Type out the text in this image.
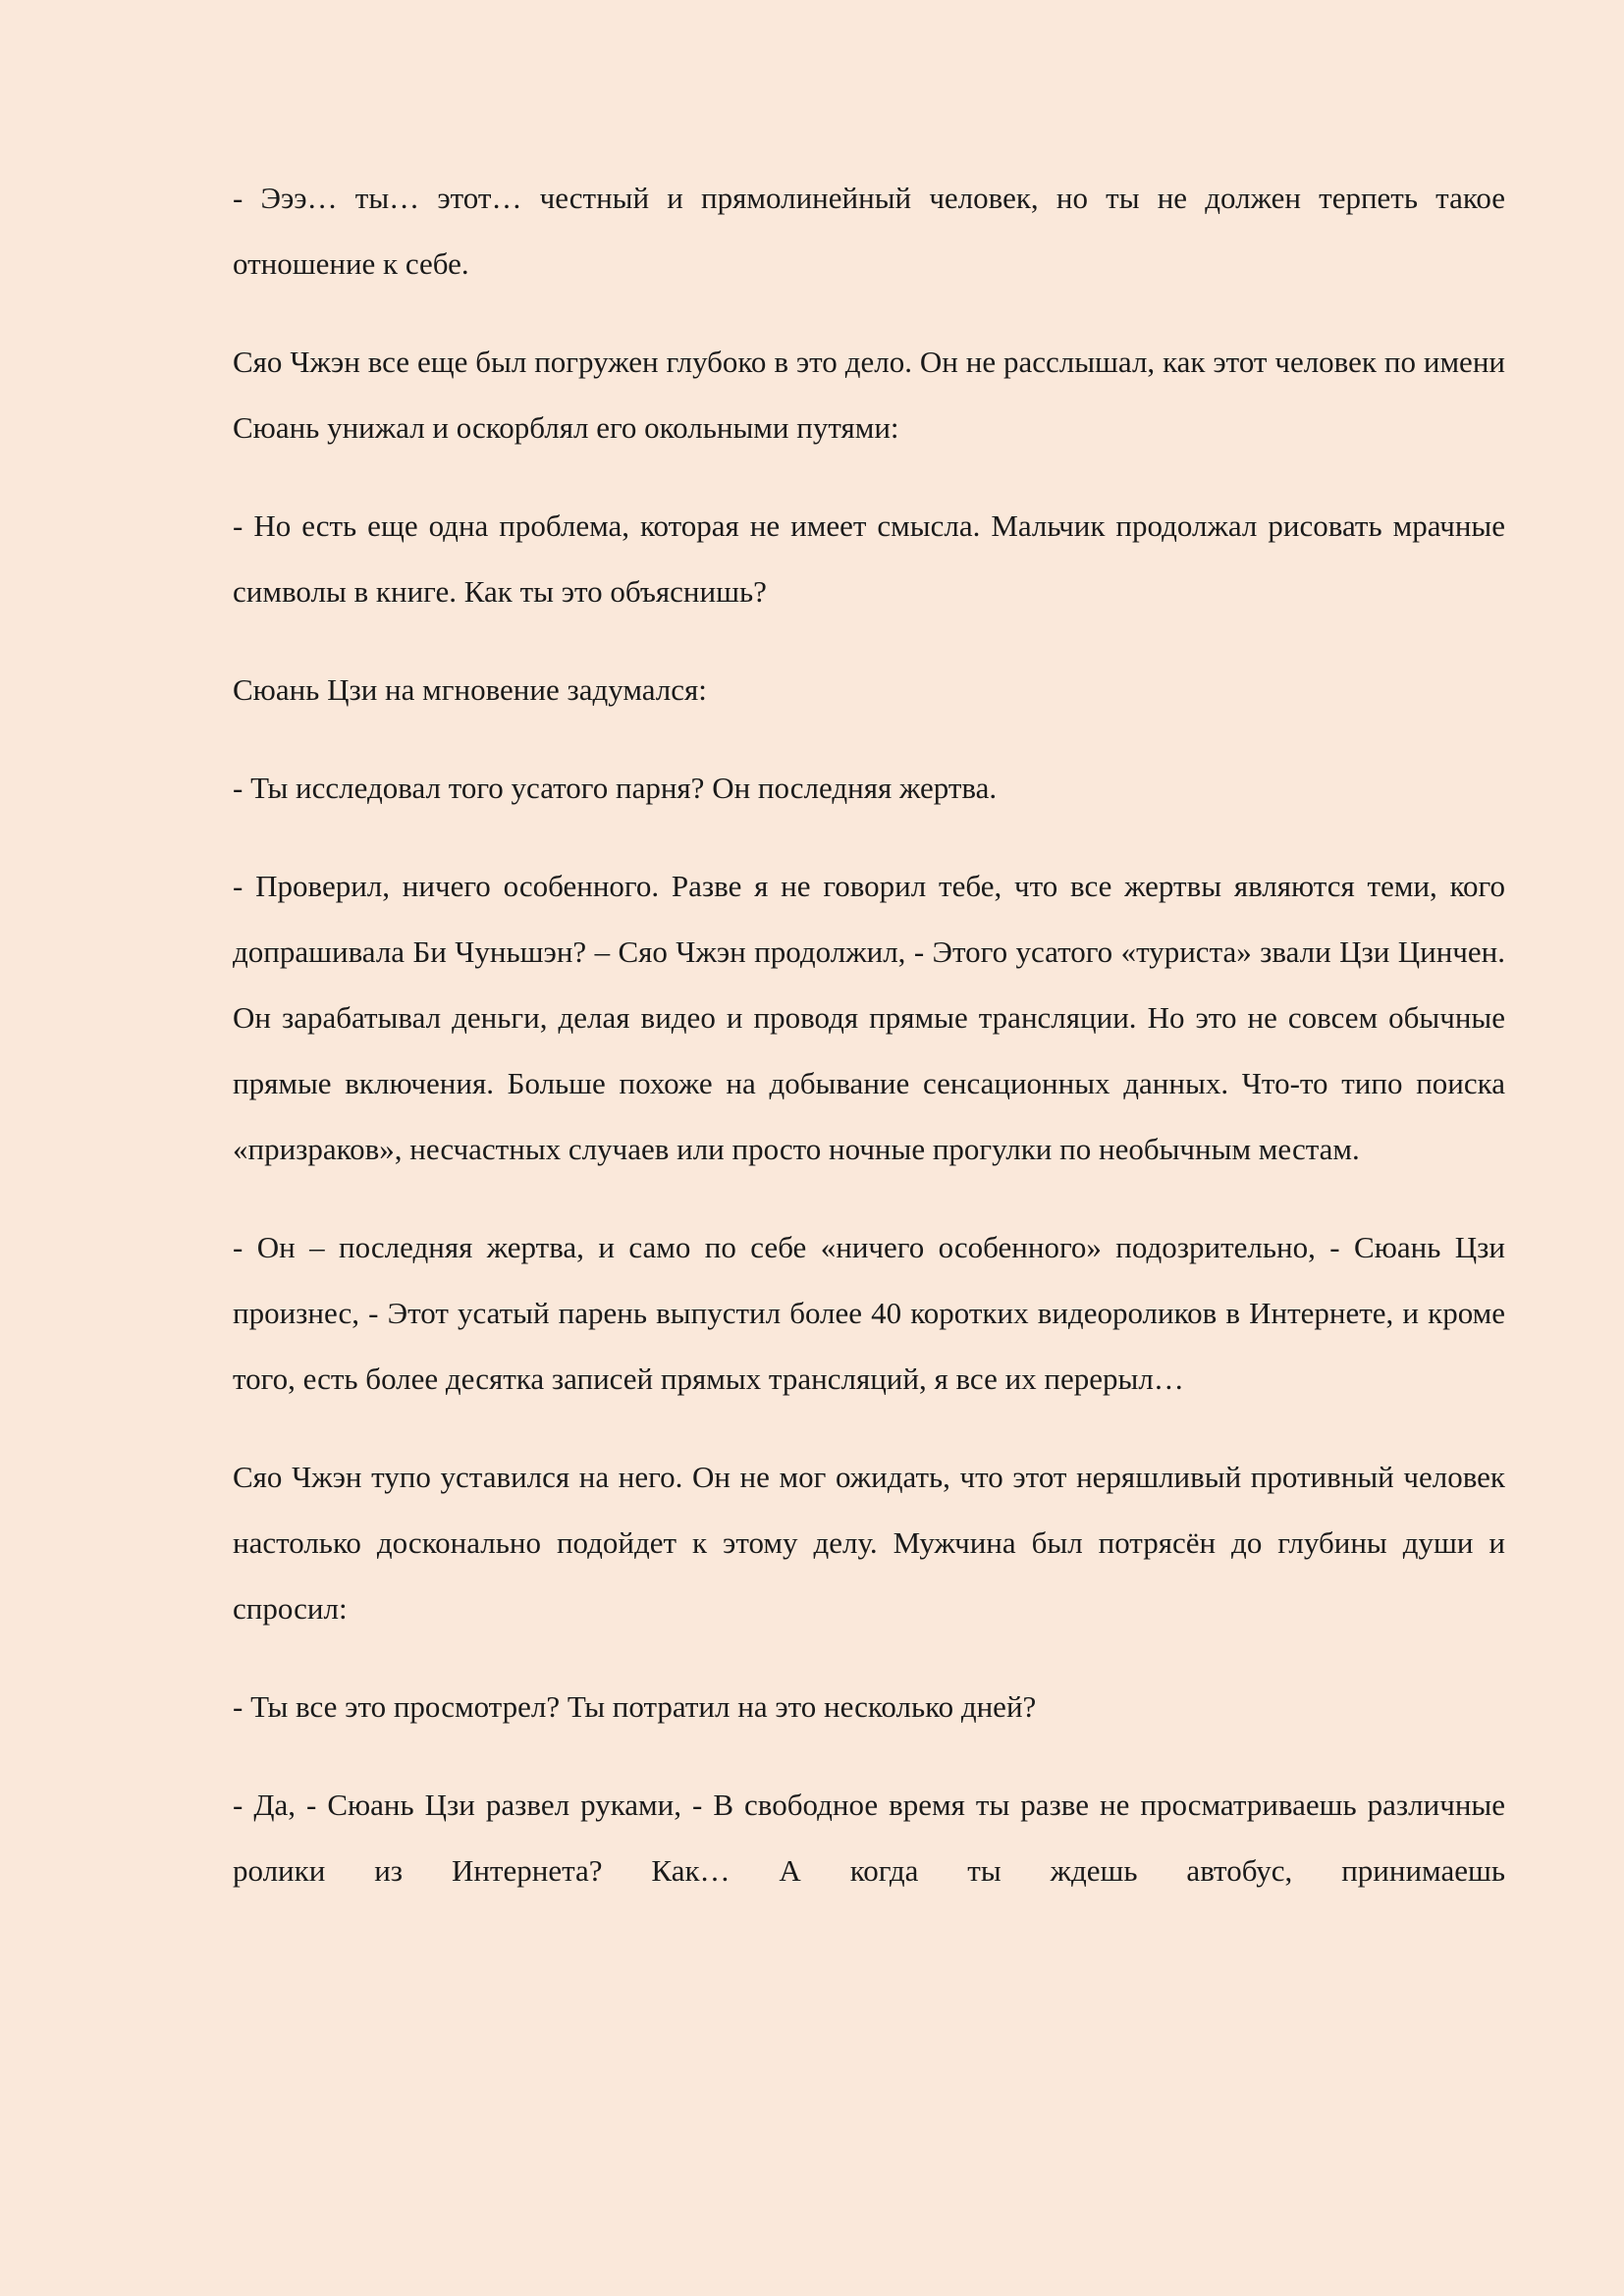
- Эээ… ты… этот… честный и прямолинейный человек, но ты не должен терпеть такое отношение к себе.

Сяо Чжэн все еще был погружен глубоко в это дело. Он не расслышал, как этот человек по имени Сюань унижал и оскорблял его окольными путями:

- Но есть еще одна проблема, которая не имеет смысла. Мальчик продолжал рисовать мрачные символы в книге. Как ты это объяснишь?

Сюань Цзи на мгновение задумался:

- Ты исследовал того усатого парня? Он последняя жертва.

- Проверил, ничего особенного. Разве я не говорил тебе, что все жертвы являются теми, кого допрашивала Би Чуньшэн? – Сяо Чжэн продолжил, - Этого усатого «туриста» звали Цзи Цинчен. Он зарабатывал деньги, делая видео и проводя прямые трансляции. Но это не совсем обычные прямые включения. Больше похоже на добывание сенсационных данных. Что-то типо поиска «призраков», несчастных случаев или просто ночные прогулки по необычным местам.

- Он – последняя жертва, и само по себе «ничего особенного» подозрительно, - Сюань Цзи произнес, - Этот усатый парень выпустил более 40 коротких видеороликов в Интернете, и кроме того, есть более десятка записей прямых трансляций, я все их перерыл…

Сяо Чжэн тупо уставился на него. Он не мог ожидать, что этот неряшливый противный человек настолько досконально подойдет к этому делу. Мужчина был потрясён до глубины души и спросил:

- Ты все это просмотрел? Ты потратил на это несколько дней?

- Да, - Сюань Цзи развел руками, - В свободное время ты разве не просматриваешь различные ролики из Интернета? Как… А когда ты ждешь автобус, принимаешь
